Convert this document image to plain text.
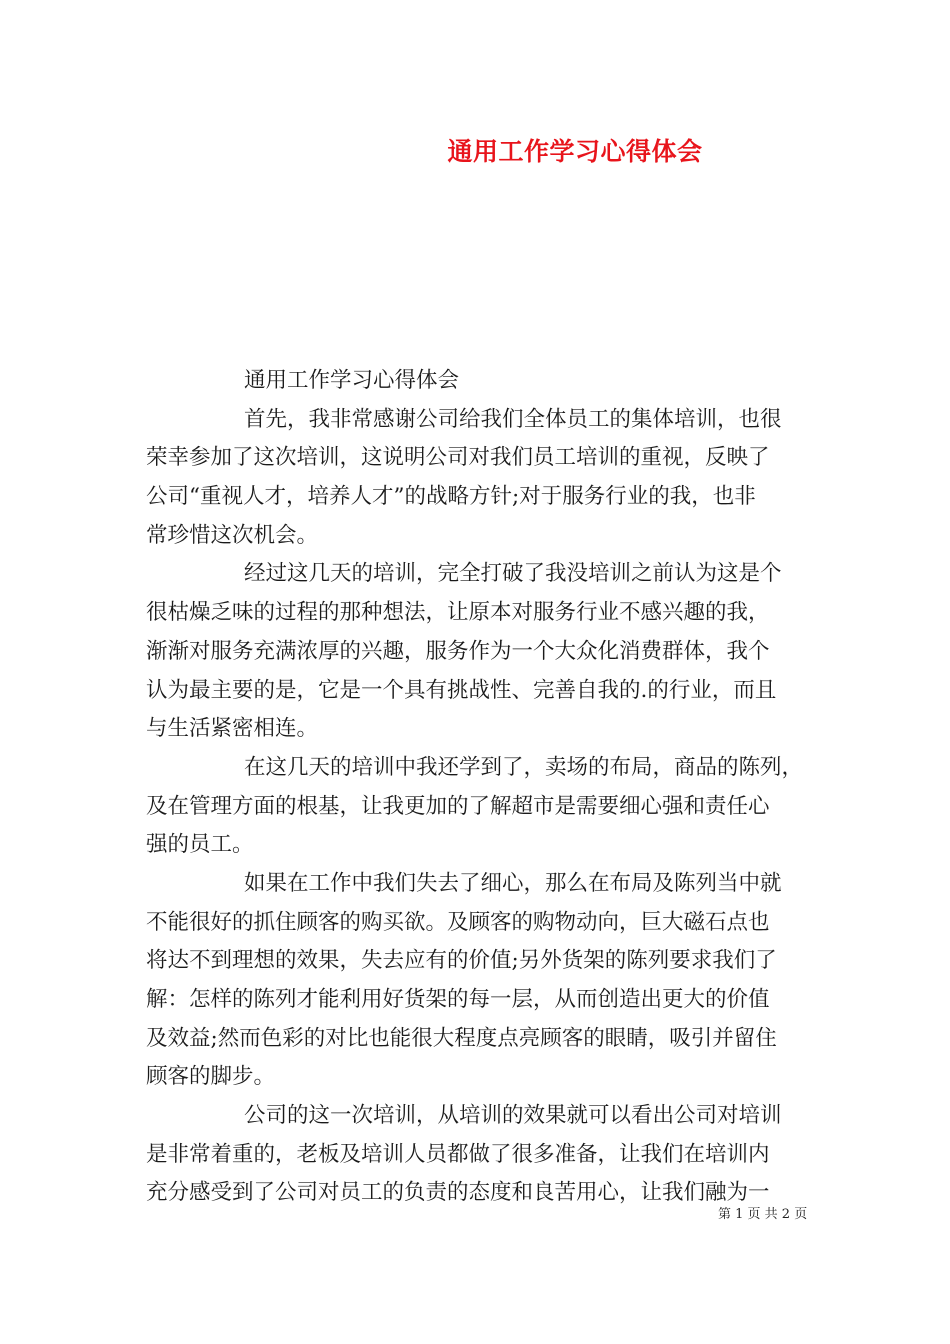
通用工作学习心得体会
通用工作学习心得体会
首先，我非常感谢公司给我们全体员工的集体培训，也很
荣幸参加了这次培训，这说明公司对我们员工培训的重视，反映了
公司“重视人才，培养人才”的战略方针;对于服务行业的我，也非
常珍惜这次机会。
经过这几天的培训，完全打破了我没培训之前认为这是个
很枯燥乏味的过程的那种想法，让原本对服务行业不感兴趣的我，
渐渐对服务充满浓厚的兴趣，服务作为一个大众化消费群体，我个
认为最主要的是，它是一个具有挑战性、完善自我的.的行业，而且
与生活紧密相连。
在这几天的培训中我还学到了，卖场的布局，商品的陈列，
及在管理方面的根基，让我更加的了解超市是需要细心强和责任心
强的员工。
如果在工作中我们失去了细心，那么在布局及陈列当中就
不能很好的抓住顾客的购买欲。及顾客的购物动向，巨大磁石点也
将达不到理想的效果，失去应有的价值;另外货架的陈列要求我们了
解：怎样的陈列才能利用好货架的每一层，从而创造出更大的价值
及效益;然而色彩的对比也能很大程度点亮顾客的眼睛，吸引并留住
顾客的脚步。
公司的这一次培训，从培训的效果就可以看出公司对培训
是非常着重的，老板及培训人员都做了很多准备，让我们在培训内
充分感受到了公司对员工的负责的态度和良苦用心，让我们融为一
第 1 页 共 2 页
